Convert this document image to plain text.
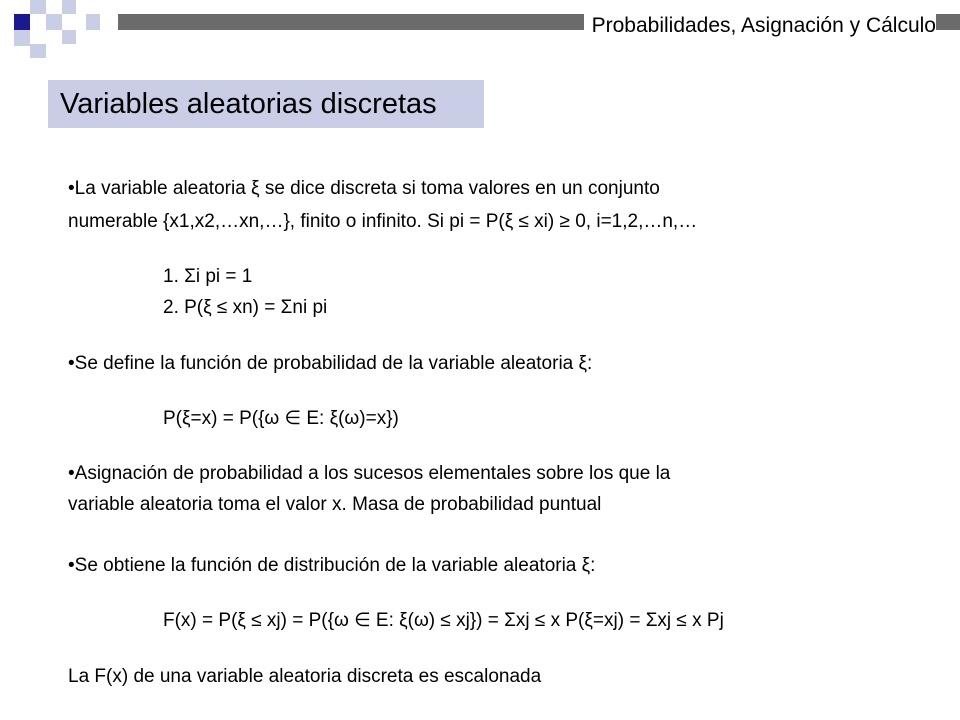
Probabilidades, Asignación y Cálculo
Variables aleatorias discretas
•La variable aleatoria ξ se dice discreta si toma valores en un conjunto
numerable {x1,x2,…xn,…}, finito o infinito. Si pi = P(ξ ≤ xi) ≥ 0, i=1,2,…n,…
1. Σi pi = 1
2. P(ξ ≤ xn) = Σni pi
•Se define la función de probabilidad de la variable aleatoria ξ:
P(ξ=x) = P({ω ∈ E: ξ(ω)=x})
•Asignación de probabilidad a los sucesos elementales sobre los que la
variable aleatoria toma el valor x. Masa de probabilidad puntual
•Se obtiene la función de distribución de la variable aleatoria ξ:
F(x) = P(ξ ≤ xj) = P({ω ∈ E: ξ(ω) ≤ xj}) = Σxj ≤ x P(ξ=xj) = Σxj ≤ x Pj
La F(x) de una variable aleatoria discreta es escalonada
